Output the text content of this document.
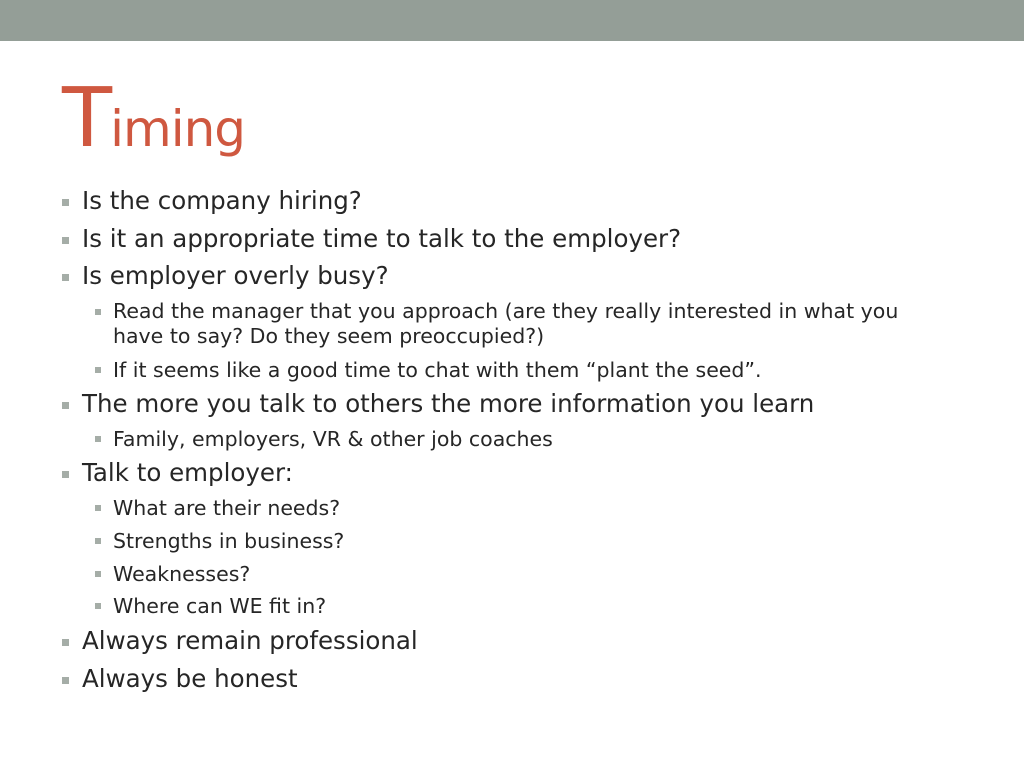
Timing
Is the company hiring?
Is it an appropriate time to talk to the employer?
Is employer overly busy?
Read the manager that you approach (are they really interested in what you have to say? Do they seem preoccupied?)
If it seems like a good time to chat with them “plant the seed”.
The more you talk to others the more information you learn
Family, employers, VR & other job coaches
Talk to employer:
What are their needs?
Strengths in business?
Weaknesses?
Where can WE fit in?
Always remain professional
Always be honest
